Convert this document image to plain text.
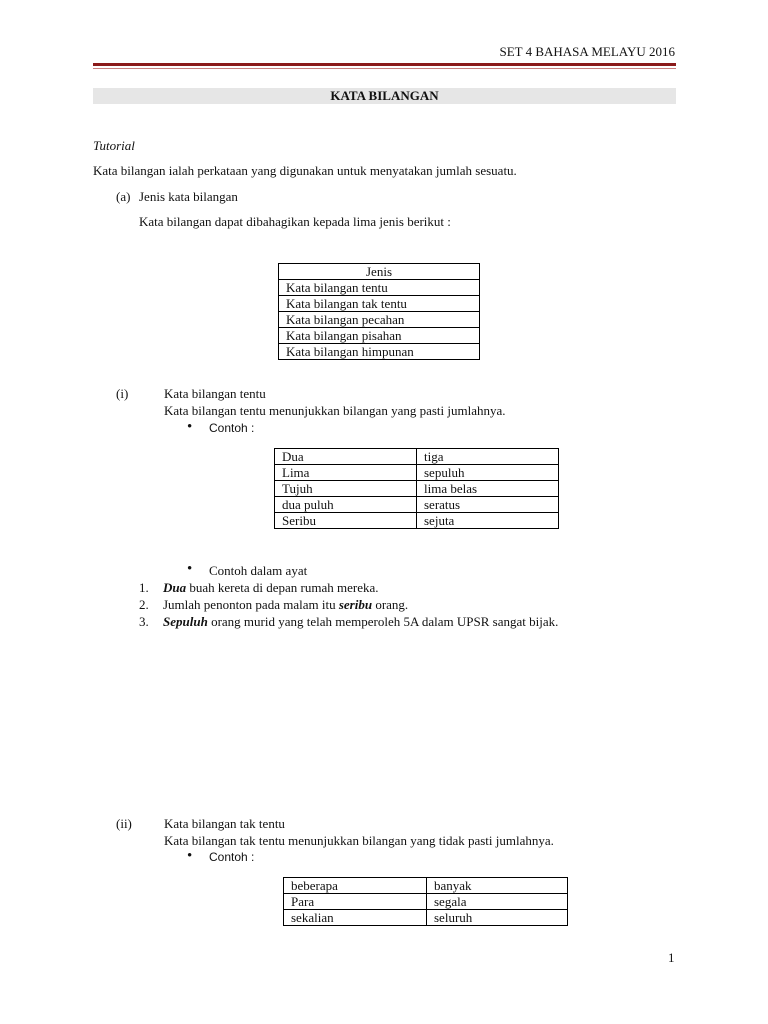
SET 4 BAHASA MELAYU 2016
KATA BILANGAN
Tutorial
Kata bilangan ialah perkataan yang digunakan untuk menyatakan jumlah sesuatu.
(a) Jenis kata bilangan
Kata bilangan dapat dibahagikan kepada lima jenis berikut :
Jenis
Kata bilangan tentu
Kata bilangan tak tentu
Kata bilangan pecahan
Kata bilangan pisahan
Kata bilangan himpunan
(i)	Kata bilangan tentu
Kata bilangan tentu menunjukkan bilangan yang pasti jumlahnya.
• Contoh :
Dua	tiga
Lima	sepuluh
Tujuh	lima belas
dua puluh	seratus
Seribu	sejuta
• Contoh dalam ayat
1. Dua buah kereta di depan rumah mereka.
2. Jumlah penonton pada malam itu seribu orang.
3. Sepuluh orang murid yang telah memperoleh 5A dalam UPSR sangat bijak.
(ii) Kata bilangan tak tentu
Kata bilangan tak tentu menunjukkan bilangan yang tidak pasti jumlahnya.
• Contoh :
beberapa	banyak
Para	segala
sekalian	seluruh
1
